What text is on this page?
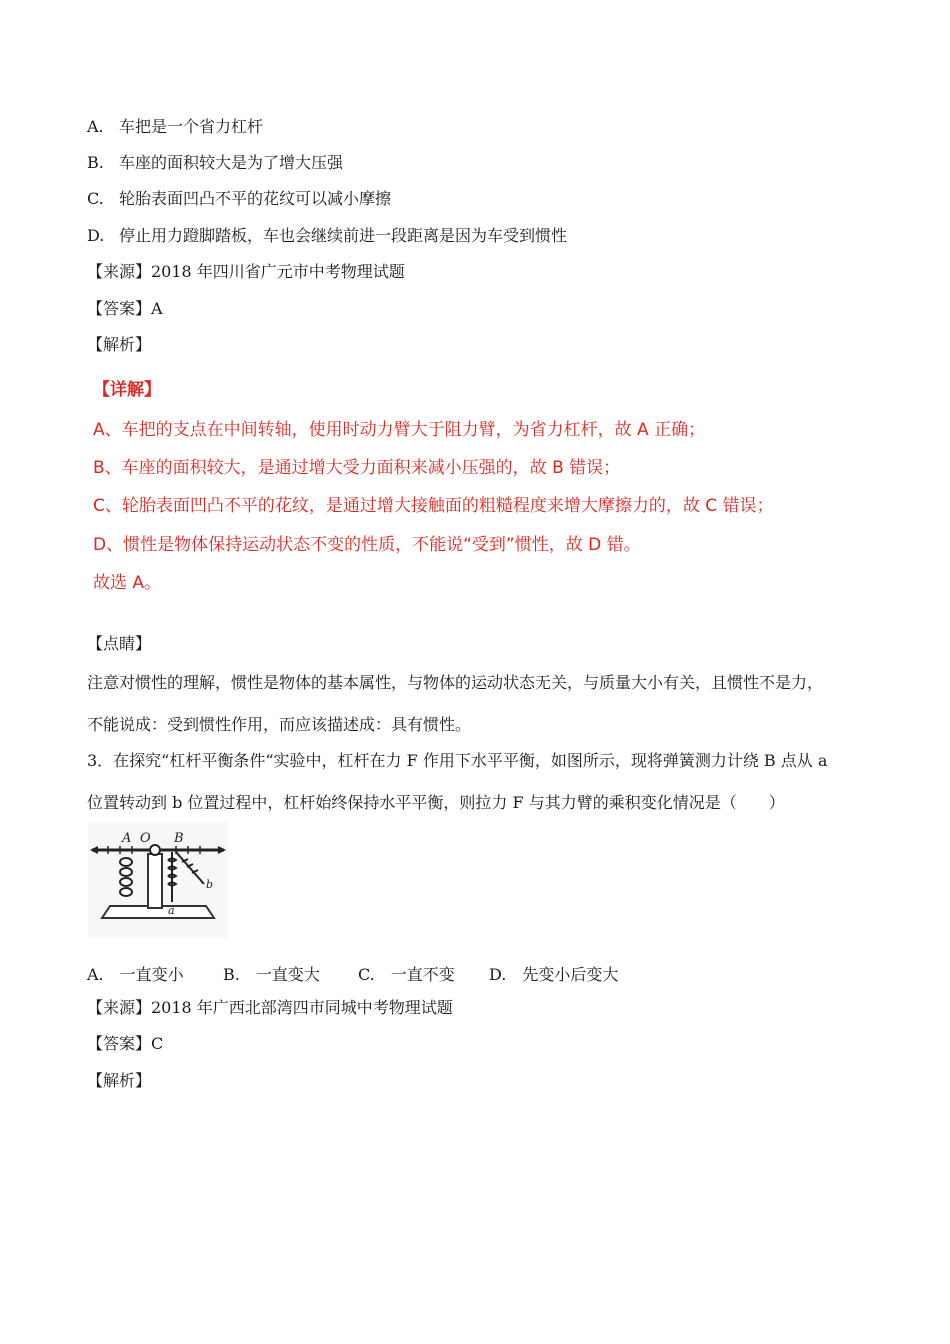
A. 车把是一个省力杠杆
B. 车座的面积较大是为了增大压强
C. 轮胎表面凹凸不平的花纹可以减小摩擦
D. 停止用力蹬脚踏板，车也会继续前进一段距离是因为车受到惯性
【来源】2018 年四川省广元市中考物理试题
【答案】A
【解析】
【详解】
A、车把的支点在中间转轴，使用时动力臂大于阻力臂，为省力杠杆，故 A 正确；
B、车座的面积较大，是通过增大受力面积来减小压强的，故 B 错误；
C、轮胎表面凹凸不平的花纹，是通过增大接触面的粗糙程度来增大摩擦力的，故 C 错误；
D、惯性是物体保持运动状态不变的性质，不能说“受到”惯性，故 D 错。
故选 A。
【点睛】
注意对惯性的理解，惯性是物体的基本属性，与物体的运动状态无关，与质量大小有关，且惯性不是力，
不能说成：受到惯性作用，而应该描述成：具有惯性。
3．在探究“杠杆平衡条件“实验中，杠杆在力 F 作用下水平平衡，如图所示，现将弹簧测力计绕 B 点从 a
位置转动到 b 位置过程中，杠杆始终保持水平平衡，则拉力 F 与其力臂的乘积变化情况是（　　）
A O B
a
b
A.　 一直变小 B.　 一直变大 C.　 一直不变 D.　 先变小后变大
【来源】2018 年广西北部湾四市同城中考物理试题
【答案】C
【解析】
